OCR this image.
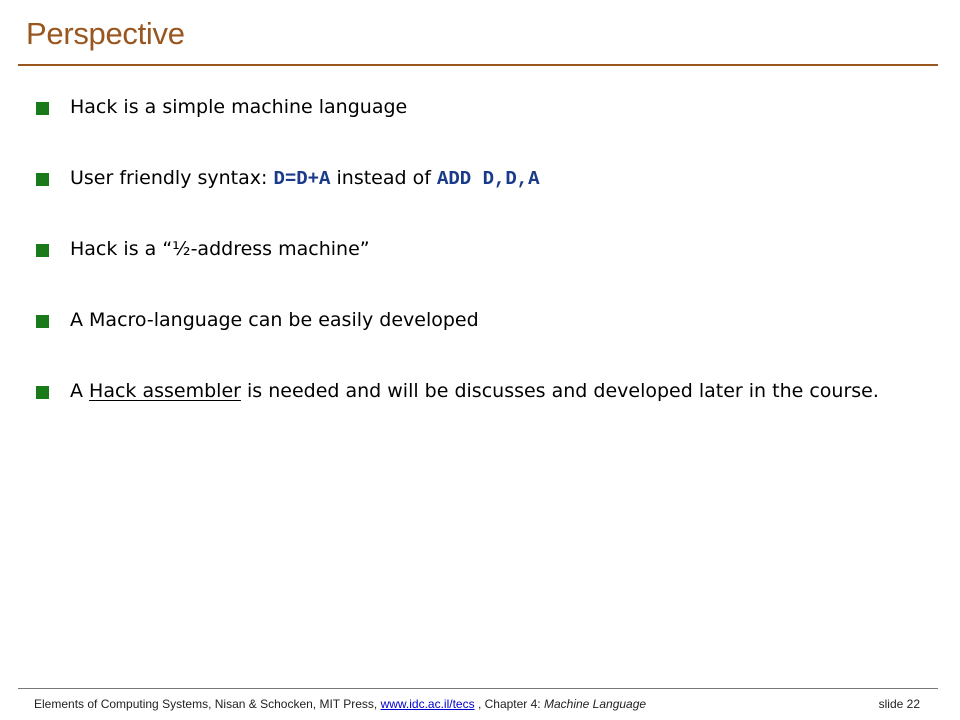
Perspective
Hack is a simple machine language
User friendly syntax: D=D+A instead of ADD D,D,A
Hack is a “½-address machine”
A Macro-language can be easily developed
A Hack assembler is needed and will be discusses and developed later in the course.
Elements of Computing Systems, Nisan & Schocken, MIT Press, www.idc.ac.il/tecs , Chapter 4: Machine Language	slide 22
